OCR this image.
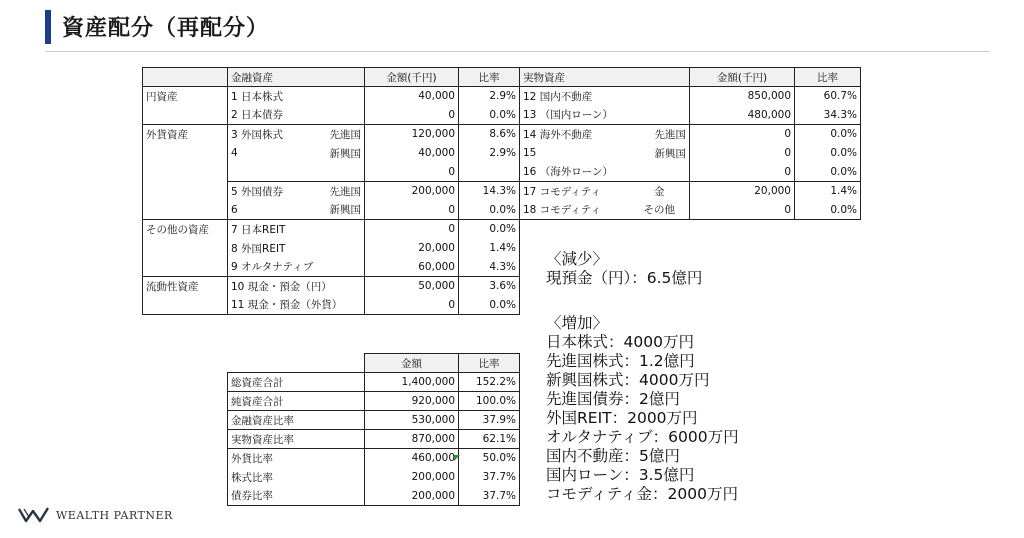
資産配分（再配分）
	金融資産		金額(千円)	比率	実物資産		金額(千円)	比率
円資産	1 日本株式		40,000	2.9%	12 国内不動産		850,000	60.7%
	2 日本債券		0	0.0%	13 （国内ローン）		480,000	34.3%
外貨資産	3 外国株式	先進国	120,000	8.6%	14 海外不動産	先進国	0	0.0%
	4	新興国	40,000	2.9%	15	新興国	0	0.0%
			0		16 （海外ローン）		0	0.0%
	5 外国債券	先進国	200,000	14.3%	17 コモディティ	金	20,000	1.4%
	6	新興国	0	0.0%	18 コモディティ	その他	0	0.0%
その他の資産	7 日本REIT		0	0.0%				
	8 外国REIT		20,000	1.4%				
	9 オルタナティブ		60,000	4.3%				
流動性資産	10 現金・預金（円）		50,000	3.6%				
	11 現金・預金（外貨）		0	0.0%				
	金額	比率
総資産合計	1,400,000	152.2%
純資産合計	920,000	100.0%
金融資産比率	530,000	37.9%
実物資産比率	870,000	62.1%
外貨比率	460,000	50.0%
株式比率	200,000	37.7%
債券比率	200,000	37.7%
〈減少〉
現預金（円）：6.5億円
〈増加〉
日本株式：4000万円
先進国株式：1.2億円
新興国株式：4000万円
先進国債券：2億円
外国REIT：2000万円
オルタナティブ：6000万円
国内不動産：5億円
国内ローン：3.5億円
コモディティ金：2000万円
WEALTH PARTNER
